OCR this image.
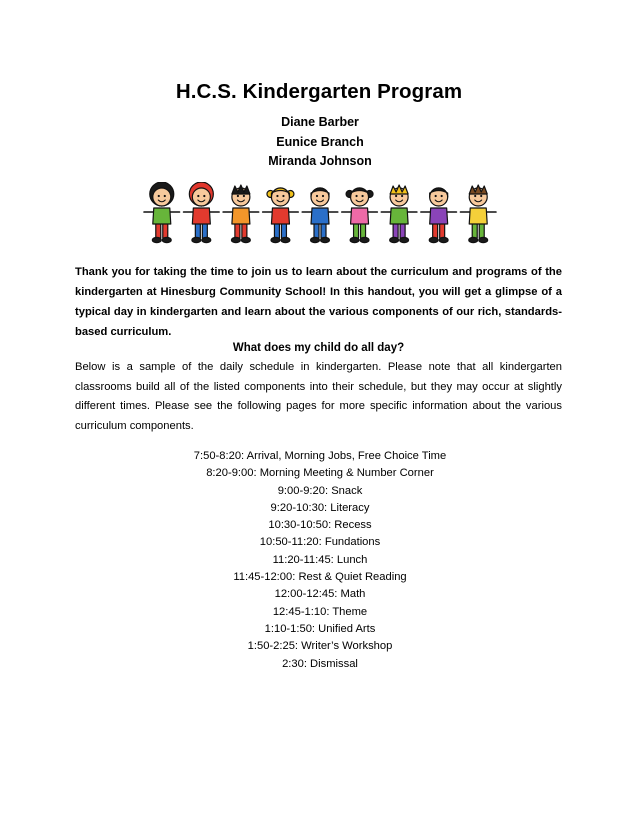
H.C.S. Kindergarten Program
Diane Barber
Eunice Branch
Miranda Johnson
Thank you for taking the time to join us to learn about the curriculum and programs of the kindergarten at Hinesburg Community School! In this handout, you will get a glimpse of a typical day in kindergarten and learn about the various components of our rich, standards-based curriculum.
What does my child do all day?
Below is a sample of the daily schedule in kindergarten. Please note that all kindergarten classrooms build all of the listed components into their schedule, but they may occur at slightly different times. Please see the following pages for more specific information about the various curriculum components.
7:50-8:20: Arrival, Morning Jobs, Free Choice Time
8:20-9:00: Morning Meeting & Number Corner
9:00-9:20: Snack
9:20-10:30: Literacy
10:30-10:50: Recess
10:50-11:20: Fundations
11:20-11:45: Lunch
11:45-12:00: Rest & Quiet Reading
12:00-12:45: Math
12:45-1:10: Theme
1:10-1:50: Unified Arts
1:50-2:25: Writer’s Workshop
2:30: Dismissal
